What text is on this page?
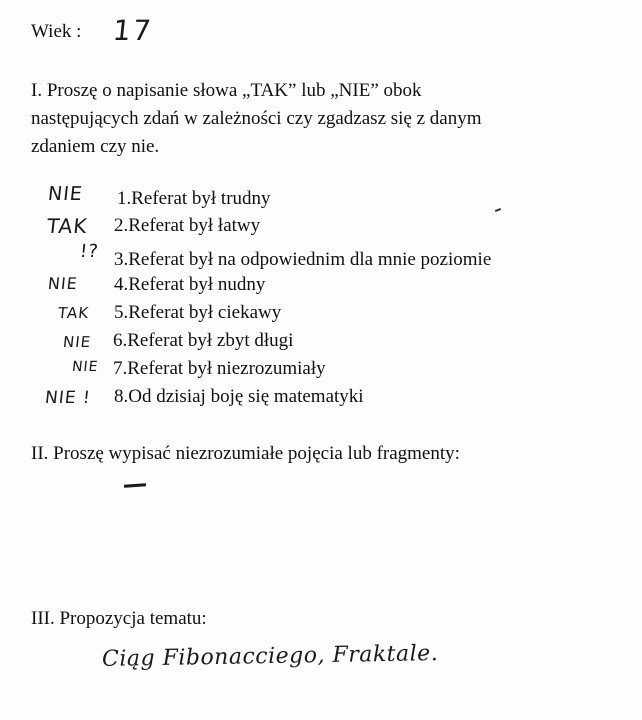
Wiek : 17
I. Proszę o napisanie słowa „TAK” lub „NIE” obok
następujących zdań w zależności czy zgadzasz się z danym
zdaniem czy nie.
NIE 1.Referat był trudny
TAK 2.Referat był łatwy
!? 3.Referat był na odpowiednim dla mnie poziomie
NIE 4.Referat był nudny
TAK 5.Referat był ciekawy
NIE 6.Referat był zbyt długi
NIE 7.Referat był niezrozumiały
NIE ! 8.Od dzisiaj boję się matematyki
II. Proszę wypisać niezrozumiałe pojęcia lub fragmenty:
III. Propozycja tematu:
Ciąg Fibonacciego, Fraktale.
